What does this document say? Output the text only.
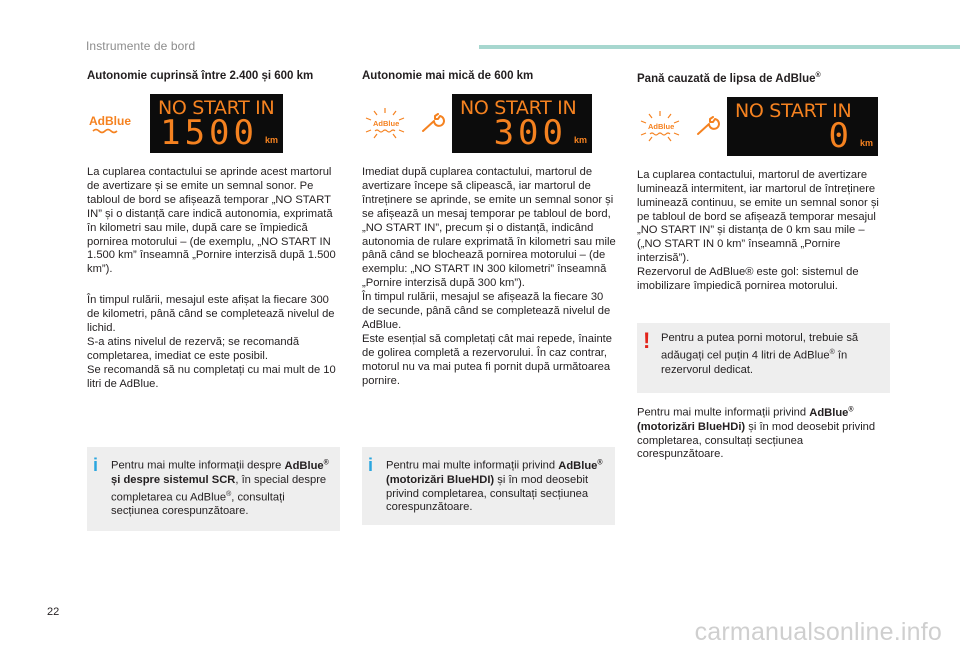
Instrumente de bord

Autonomie cuprinsă între 2.400 și 600 km

AdBlue
NO START IN
1500 km

La cuplarea contactului se aprinde acest martorul de avertizare și se emite un semnal sonor. Pe tabloul de bord se afișează temporar „NO START IN” și o distanță care indică autonomia, exprimată în kilometri sau mile, după care se împiedică pornirea motorului – (de exemplu, „NO START IN 1.500 km” înseamnă „Pornire interzisă după 1.500 km”).

În timpul rulării, mesajul este afișat la fiecare 300 de kilometri, până când se completează nivelul de lichid.
S-a atins nivelul de rezervă; se recomandă completarea, imediat ce este posibil.
Se recomandă să nu completați cu mai mult de 10 litri de AdBlue.

i	Pentru mai multe informații despre AdBlue® și despre sistemul SCR, în special despre completarea cu AdBlue®, consultați secțiunea corespunzătoare.

Autonomie mai mică de 600 km

AdBlue
NO START IN
300 km

Imediat după cuplarea contactului, martorul de avertizare începe să clipească, iar martorul de întreținere se aprinde, se emite un semnal sonor și se afișează un mesaj temporar pe tabloul de bord, „NO START IN”, precum și o distanță, indicând autonomia de rulare exprimată în kilometri sau mile până când se blochează pornirea motorului – (de exemplu: „NO START IN 300 kilometri” înseamnă „Pornire interzisă după 300 km”).
În timpul rulării, mesajul se afișează la fiecare 30 de secunde, până când se completează nivelul de AdBlue.
Este esențial să completați cât mai repede, înainte de golirea completă a rezervorului. În caz contrar, motorul nu va mai putea fi pornit după următoarea pornire.

i	Pentru mai multe informații privind AdBlue® (motorizări BlueHDI) și în mod deosebit privind completarea, consultați secțiunea corespunzătoare.

Pană cauzată de lipsa de AdBlue®

AdBlue
NO START IN
0 km

La cuplarea contactului, martorul de avertizare luminează intermitent, iar martorul de întreținere luminează continuu, se emite un semnal sonor și pe tabloul de bord se afișează temporar mesajul „NO START IN” și distanța de 0 km sau mile – („NO START IN 0 km” înseamnă „Pornire interzisă”).

Rezervorul de AdBlue® este gol: sistemul de imobilizare împiedică pornirea motorului.

! Pentru a putea porni motorul, trebuie să adăugați cel puțin 4 litri de AdBlue® în rezervorul dedicat.

Pentru mai multe informații privind AdBlue® (motorizări BlueHDi) și în mod deosebit privind completarea, consultați secțiunea corespunzătoare.

22
carmanualsonline.info
